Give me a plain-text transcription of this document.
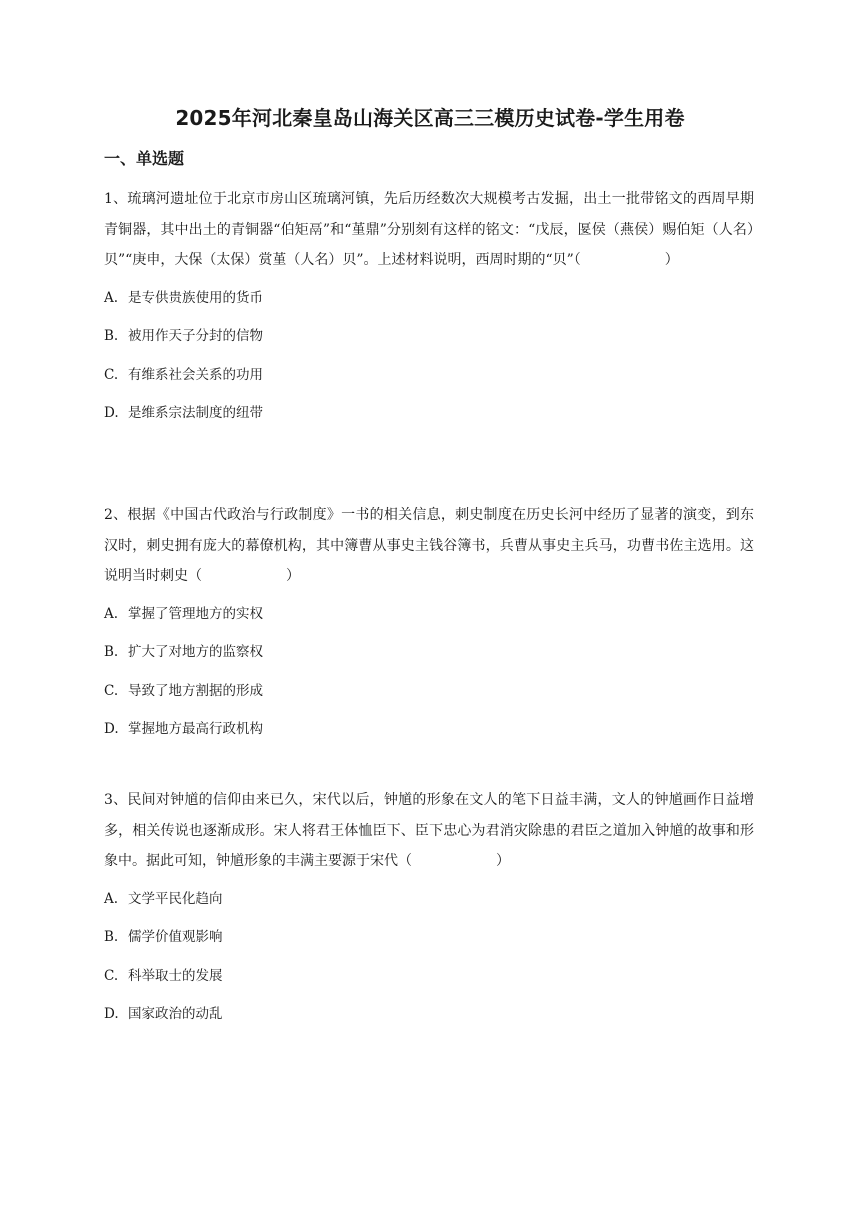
2025年河北秦皇岛山海关区高三三模历史试卷-学生用卷
一、单选题

1、琉璃河遗址位于北京市房山区琉璃河镇，先后历经数次大规模考古发掘，出土一批带铭文的西周早期青铜器，其中出土的青铜器“伯矩鬲”和“堇鼎”分别刻有这样的铭文：“戊辰，匽侯（燕侯）赐伯矩（人名）贝”“庚申，大保（太保）赏堇（人名）贝”。上述材料说明，西周时期的“贝”（　　　　　　）

A. 是专供贵族使用的货币
B. 被用作天子分封的信物
C. 有维系社会关系的功用
D. 是维系宗法制度的纽带

2、根据《中国古代政治与行政制度》一书的相关信息，刺史制度在历史长河中经历了显著的演变，到东汉时，刺史拥有庞大的幕僚机构，其中簿曹从事史主钱谷簿书，兵曹从事史主兵马，功曹书佐主选用。这说明当时刺史（　　　　　　）

A. 掌握了管理地方的实权
B. 扩大了对地方的监察权
C. 导致了地方割据的形成
D. 掌握地方最高行政机构

3、民间对钟馗的信仰由来已久，宋代以后，钟馗的形象在文人的笔下日益丰满，文人的钟馗画作日益增多，相关传说也逐渐成形。宋人将君王体恤臣下、臣下忠心为君消灾除患的君臣之道加入钟馗的故事和形象中。据此可知，钟馗形象的丰满主要源于宋代（　　　　　　）

A. 文学平民化趋向
B. 儒学价值观影响
C. 科举取士的发展
D. 国家政治的动乱
